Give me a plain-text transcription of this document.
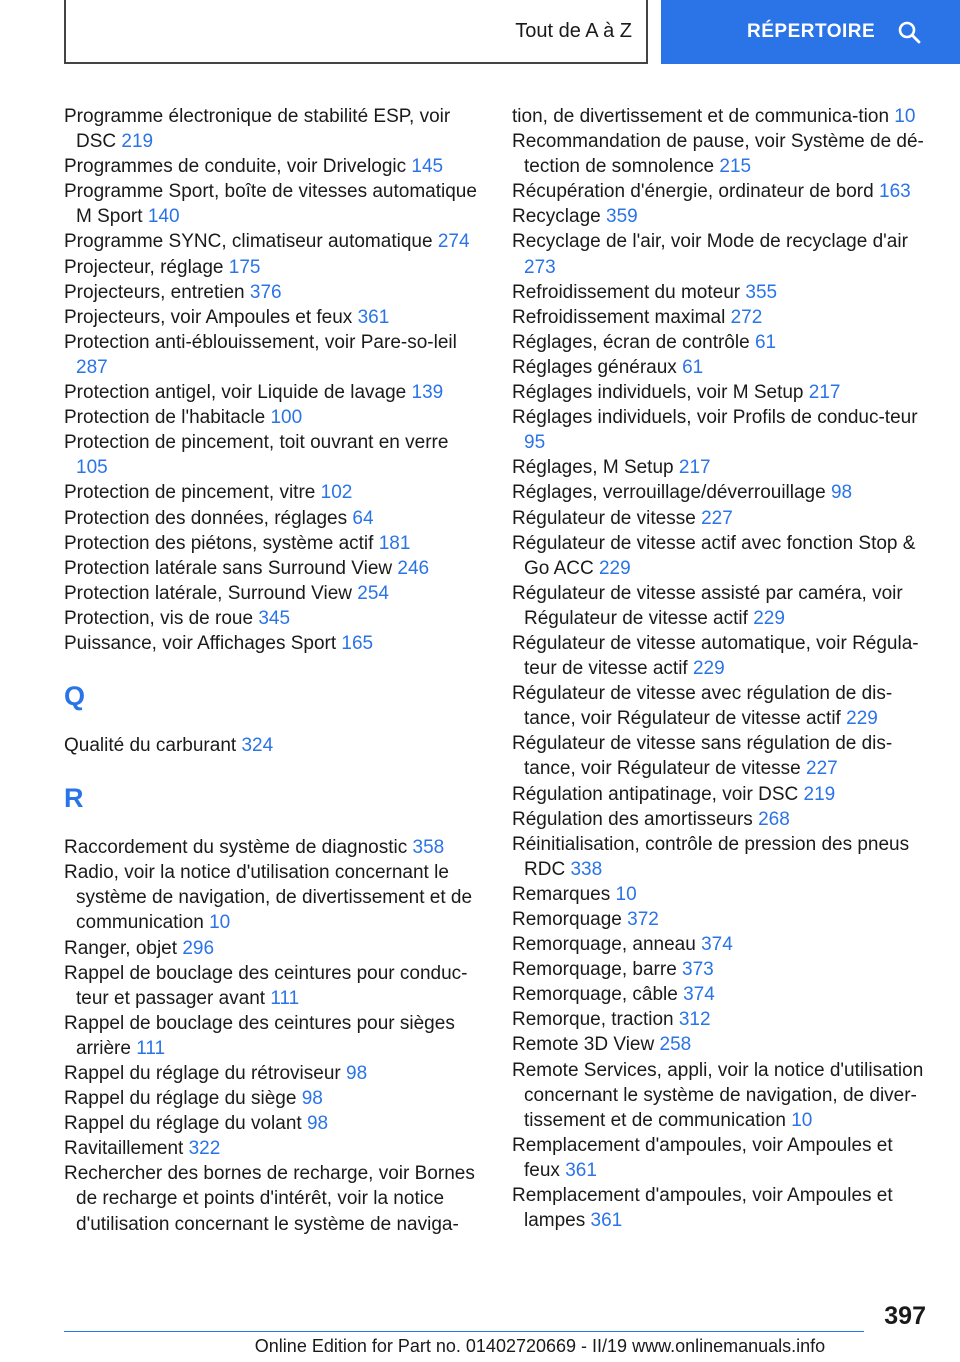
Tout de A à Z	RÉPERTOIRE
Programme électronique de stabilité ESP, voir DSC 219
Programmes de conduite, voir Drivelogic 145
Programme Sport, boîte de vitesses automatique M Sport 140
Programme SYNC, climatiseur automatique 274
Projecteur, réglage 175
Projecteurs, entretien 376
Projecteurs, voir Ampoules et feux 361
Protection anti-éblouissement, voir Pare-so-leil 287
Protection antigel, voir Liquide de lavage 139
Protection de l'habitacle 100
Protection de pincement, toit ouvrant en verre 105
Protection de pincement, vitre 102
Protection des données, réglages 64
Protection des piétons, système actif 181
Protection latérale sans Surround View 246
Protection latérale, Surround View 254
Protection, vis de roue 345
Puissance, voir Affichages Sport 165
Q
Qualité du carburant 324
R
Raccordement du système de diagnostic 358
Radio, voir la notice d'utilisation concernant le système de navigation, de divertissement et de communication 10
Ranger, objet 296
Rappel de bouclage des ceintures pour conduc-teur et passager avant 111
Rappel de bouclage des ceintures pour sièges arrière 111
Rappel du réglage du rétroviseur 98
Rappel du réglage du siège 98
Rappel du réglage du volant 98
Ravitaillement 322
Rechercher des bornes de recharge, voir Bornes de recharge et points d'intérêt, voir la notice d'utilisation concernant le système de naviga-
tion, de divertissement et de communica-tion 10
Recommandation de pause, voir Système de dé-tection de somnolence 215
Récupération d'énergie, ordinateur de bord 163
Recyclage 359
Recyclage de l'air, voir Mode de recyclage d'air 273
Refroidissement du moteur 355
Refroidissement maximal 272
Réglages, écran de contrôle 61
Réglages généraux 61
Réglages individuels, voir M Setup 217
Réglages individuels, voir Profils de conduc-teur 95
Réglages, M Setup 217
Réglages, verrouillage/déverrouillage 98
Régulateur de vitesse 227
Régulateur de vitesse actif avec fonction Stop & Go ACC 229
Régulateur de vitesse assisté par caméra, voir Régulateur de vitesse actif 229
Régulateur de vitesse automatique, voir Régula-teur de vitesse actif 229
Régulateur de vitesse avec régulation de dis-tance, voir Régulateur de vitesse actif 229
Régulateur de vitesse sans régulation de dis-tance, voir Régulateur de vitesse 227
Régulation antipatinage, voir DSC 219
Régulation des amortisseurs 268
Réinitialisation, contrôle de pression des pneus RDC 338
Remarques 10
Remorquage 372
Remorquage, anneau 374
Remorquage, barre 373
Remorquage, câble 374
Remorque, traction 312
Remote 3D View 258
Remote Services, appli, voir la notice d'utilisation concernant le système de navigation, de diver-tissement et de communication 10
Remplacement d'ampoules, voir Ampoules et feux 361
Remplacement d'ampoules, voir Ampoules et lampes 361
397
Online Edition for Part no. 01402720669 - II/19 www.onlinemanuals.info
